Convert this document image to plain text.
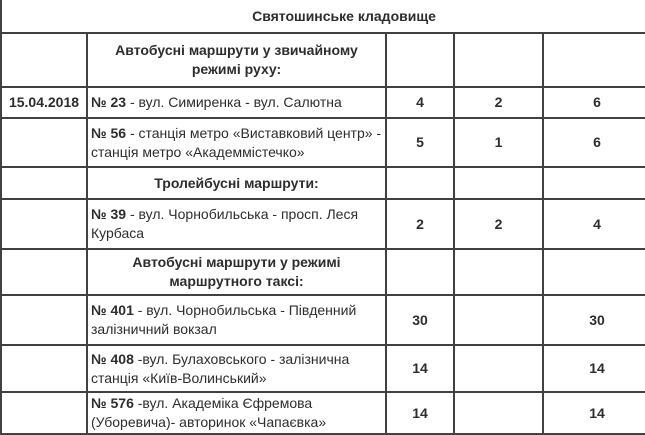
Святошинське кладовище					
	Автобусні маршрути у звичайному режимі руху:				
15.04.2018	№ 23 - вул. Симиренка - вул. Салютна	4	2	6	
	№ 56 - станція метро «Виставковий центр» - станція метро «Академмістечко»	5	1	6	
	Тролейбусні маршрути:				
	№ 39 - вул. Чорнобильська - просп. Леся Курбаса	2	2	4	
	Автобусні маршрути у режимі маршрутного таксі:				
	№ 401 - вул. Чорнобильська - Південний залізничний вокзал	30		30	
	№ 408 -вул. Булаховського - залізнична станція «Київ-Волинський»	14		14	
	№ 576 -вул. Академіка Єфремова (Уборевича)- авторинок «Чапаєвка»	14		14	
